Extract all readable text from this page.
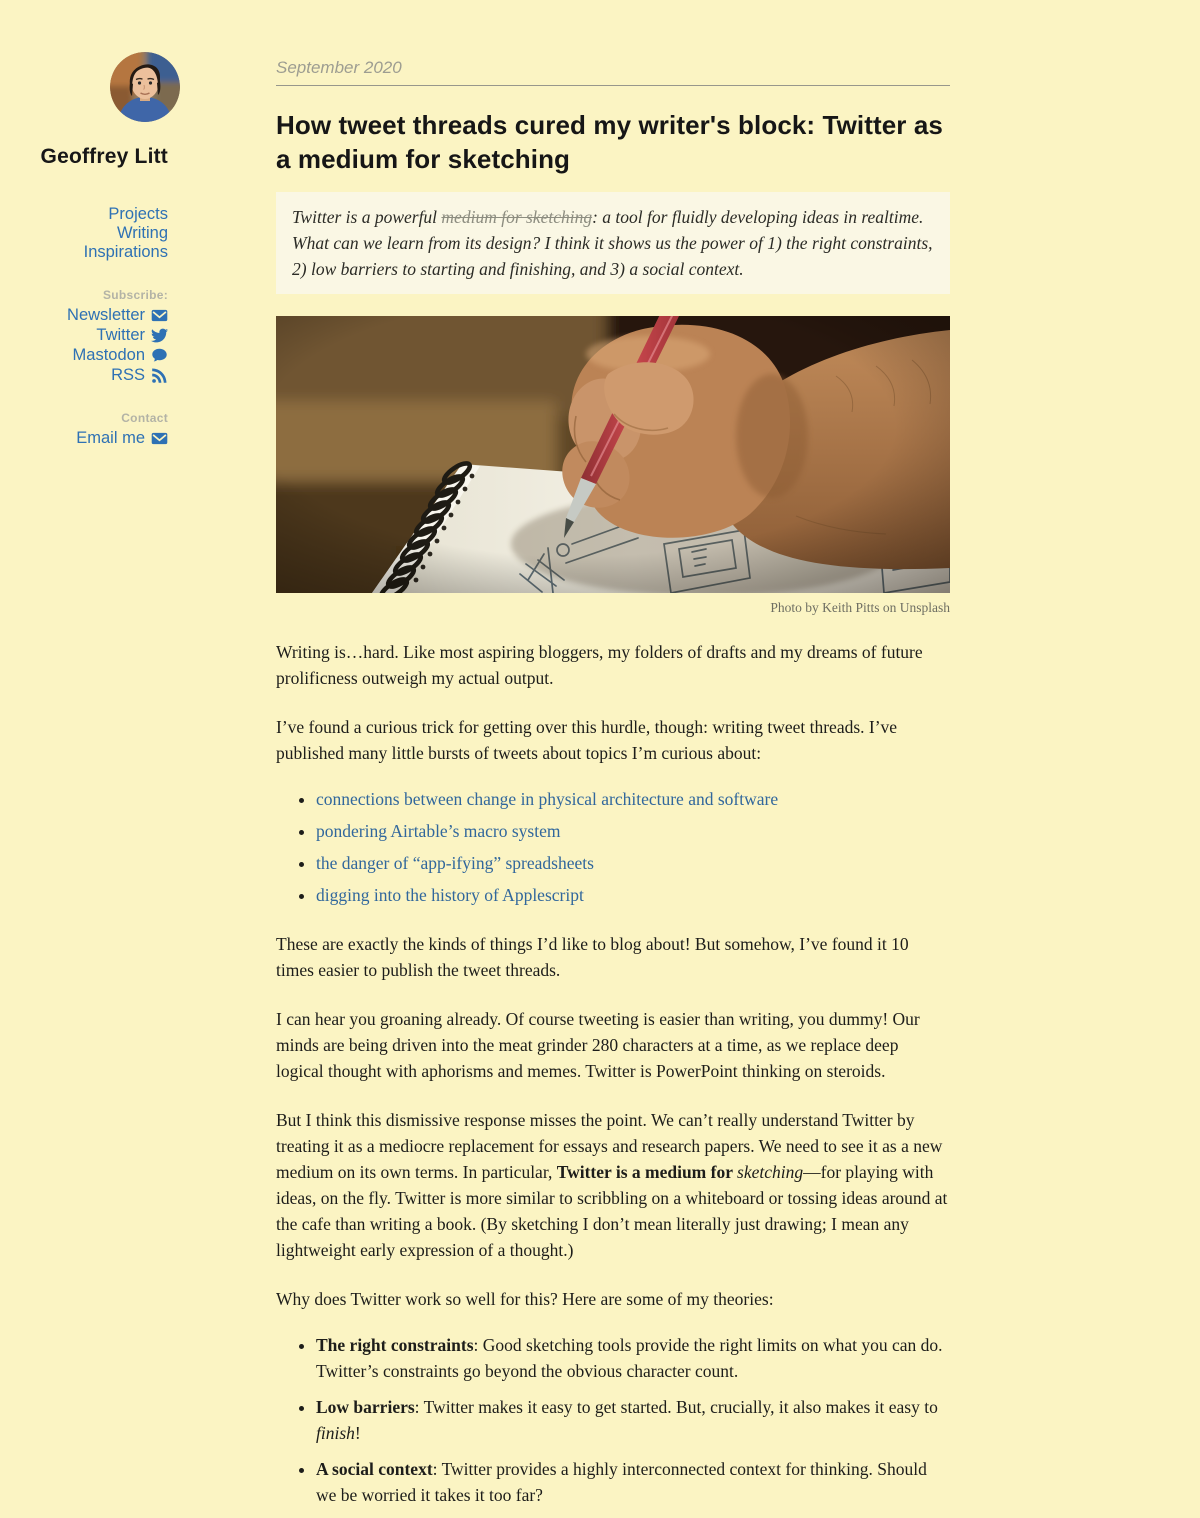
Geoffrey Litt
Projects
Writing
Inspirations
Subscribe:
Newsletter
Twitter
Mastodon
RSS
Contact
Email me
September 2020
How tweet threads cured my writer's block: Twitter as a medium for sketching
Twitter is a powerful medium for sketching: a tool for fluidly developing ideas in realtime. What can we learn from its design? I think it shows us the power of 1) the right constraints, 2) low barriers to starting and finishing, and 3) a social context.
Photo by Keith Pitts on Unsplash

Writing is…hard. Like most aspiring bloggers, my folders of drafts and my dreams of future prolificness outweigh my actual output.

I’ve found a curious trick for getting over this hurdle, though: writing tweet threads. I’ve published many little bursts of tweets about topics I’m curious about:

• connections between change in physical architecture and software
• pondering Airtable’s macro system
• the danger of “app-ifying” spreadsheets
• digging into the history of Applescript

These are exactly the kinds of things I’d like to blog about! But somehow, I’ve found it 10 times easier to publish the tweet threads.

I can hear you groaning already. Of course tweeting is easier than writing, you dummy! Our minds are being driven into the meat grinder 280 characters at a time, as we replace deep logical thought with aphorisms and memes. Twitter is PowerPoint thinking on steroids.

But I think this dismissive response misses the point. We can’t really understand Twitter by treating it as a mediocre replacement for essays and research papers. We need to see it as a new medium on its own terms. In particular, Twitter is a medium for sketching—for playing with ideas, on the fly. Twitter is more similar to scribbling on a whiteboard or tossing ideas around at the cafe than writing a book. (By sketching I don’t mean literally just drawing; I mean any lightweight early expression of a thought.)

Why does Twitter work so well for this? Here are some of my theories:

• The right constraints: Good sketching tools provide the right limits on what you can do. Twitter’s constraints go beyond the obvious character count.
• Low barriers: Twitter makes it easy to get started. But, crucially, it also makes it easy to finish!
• A social context: Twitter provides a highly interconnected context for thinking. Should we be worried it takes it too far?
